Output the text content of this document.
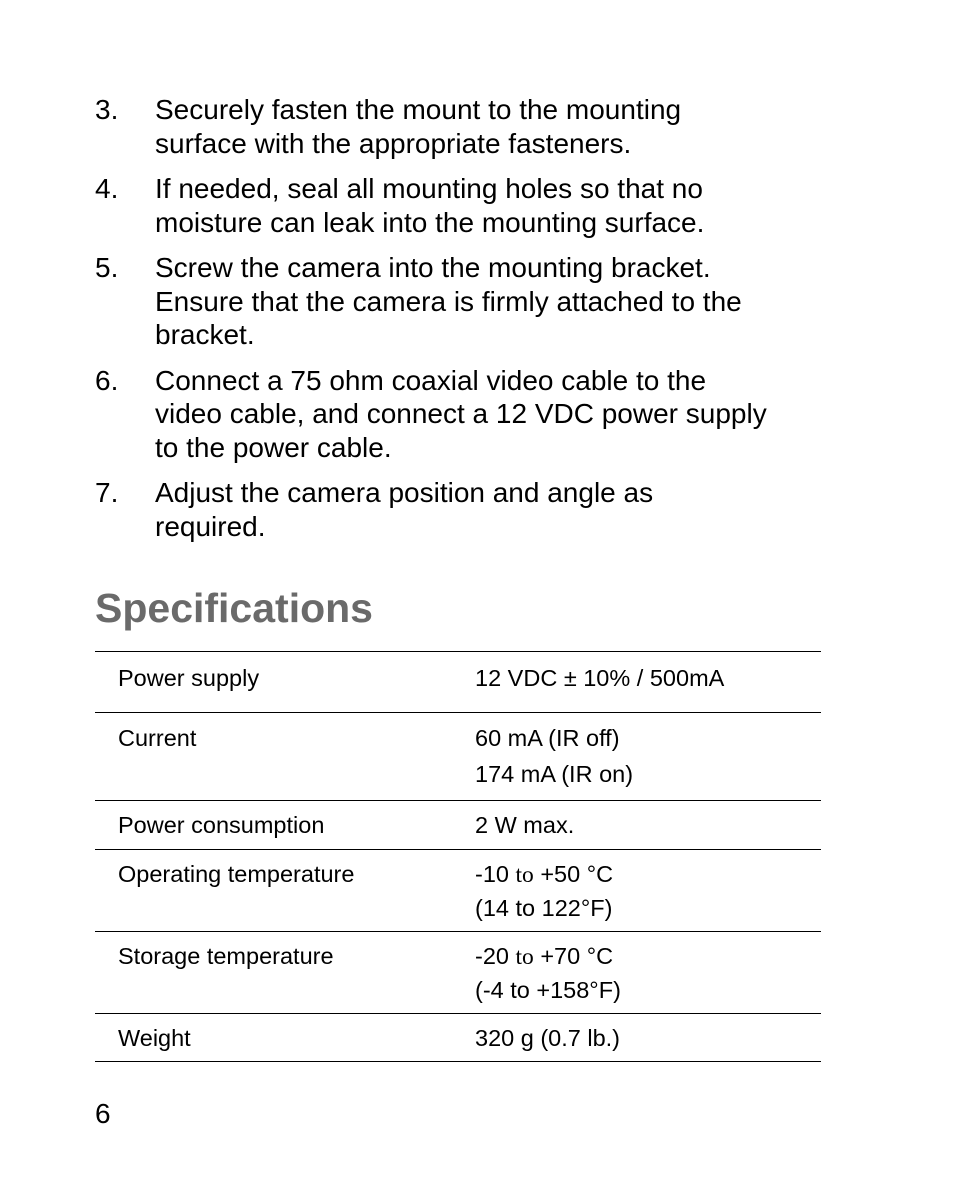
3.	Securely fasten the mount to the mounting
surface with the appropriate fasteners.
4.	If needed, seal all mounting holes so that no
moisture can leak into the mounting surface.
5.	Screw the camera into the mounting bracket.
Ensure that the camera is firmly attached to the
bracket.
6.	Connect a 75 ohm coaxial video cable to the
video cable, and connect a 12 VDC power supply
to the power cable.
7.	Adjust the camera position and angle as
required.
Specifications
Power supply	12 VDC ± 10% / 500mA

Current	60 mA (IR off)
174 mA (IR on)

Power consumption	2 W max.

Operating temperature	-10 to +50 °C
(14 to 122°F)

Storage temperature	-20 to +70 °C
(-4 to +158°F)

Weight	320 g (0.7 lb.)
6
